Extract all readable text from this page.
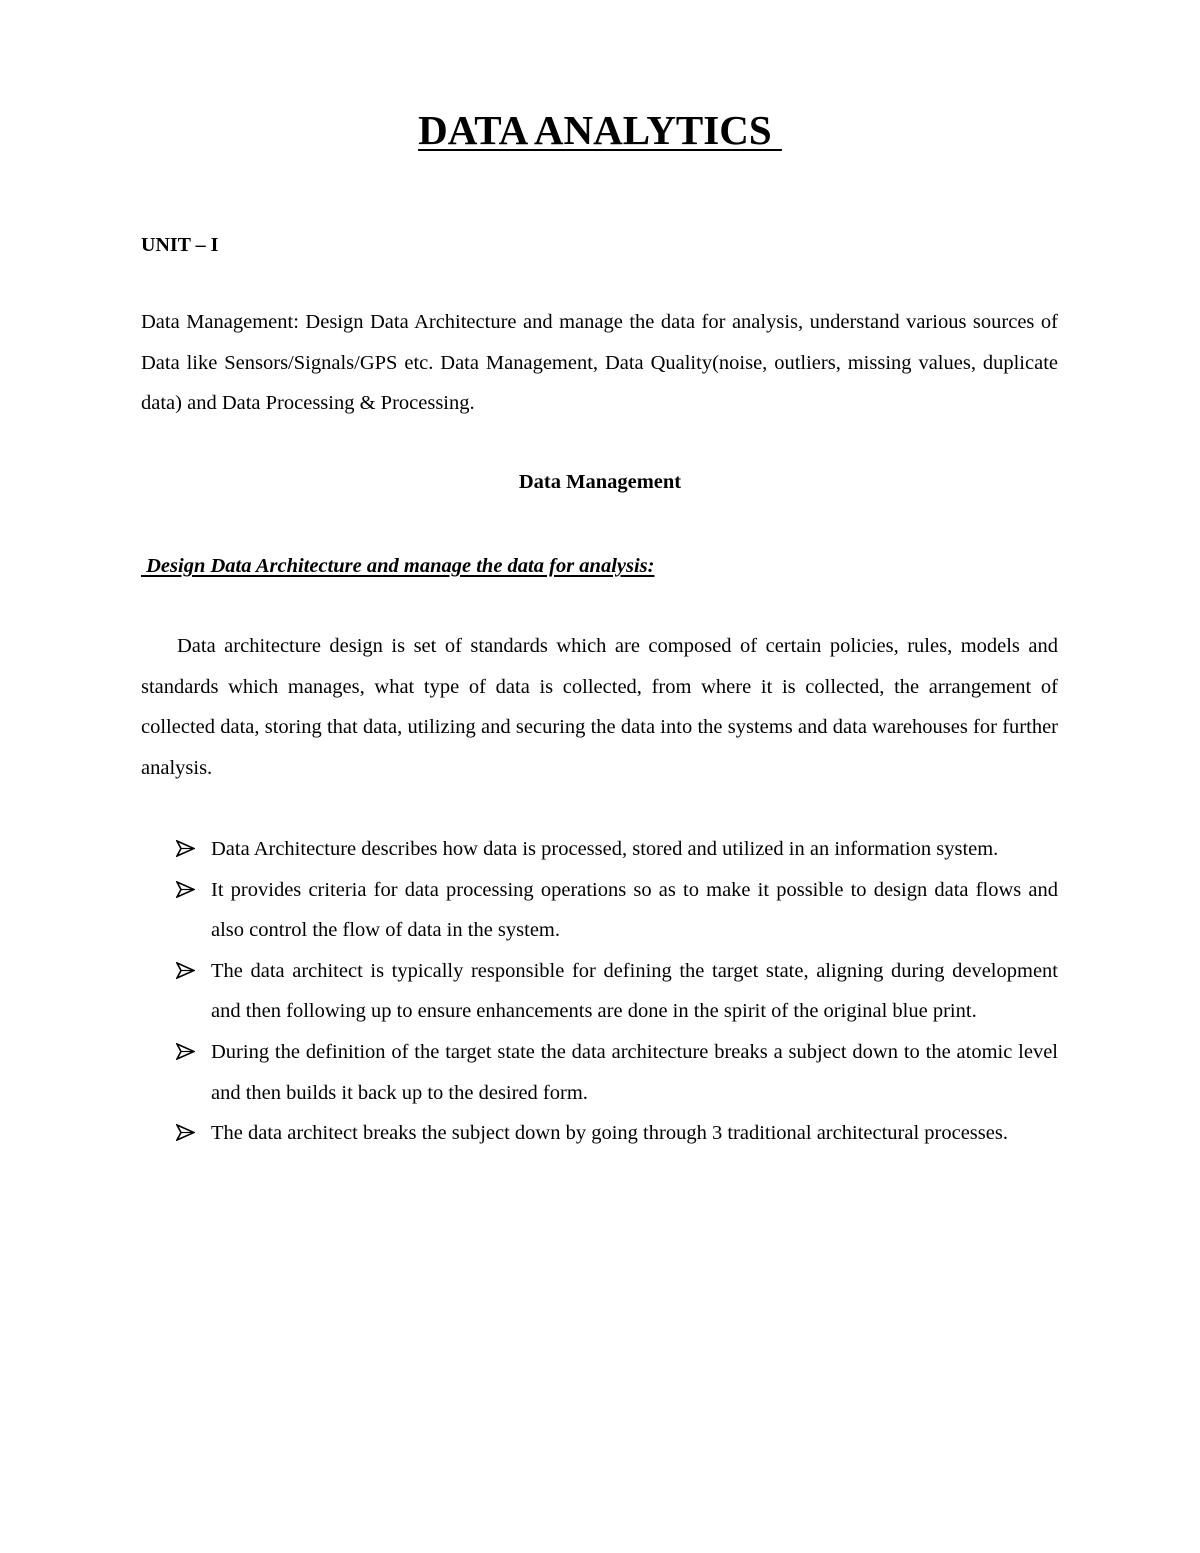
DATA ANALYTICS

UNIT – I

Data Management: Design Data Architecture and manage the data for analysis, understand various sources of Data like Sensors/Signals/GPS etc. Data Management, Data Quality(noise, outliers, missing values, duplicate data) and Data Processing & Processing.

Data Management
Design Data Architecture and manage the data for analysis:

Data architecture design is set of standards which are composed of certain policies, rules, models and standards which manages, what type of data is collected, from where it is collected, the arrangement of collected data, storing that data, utilizing and securing the data into the systems and data warehouses for further analysis.

Data Architecture describes how data is processed, stored and utilized in an information system.
It provides criteria for data processing operations so as to make it possible to design data flows and also control the flow of data in the system.
The data architect is typically responsible for defining the target state, aligning during development and then following up to ensure enhancements are done in the spirit of the original blue print.
During the definition of the target state the data architecture breaks a subject down to the atomic level and then builds it back up to the desired form.
The data architect breaks the subject down by going through 3 traditional architectural processes.
